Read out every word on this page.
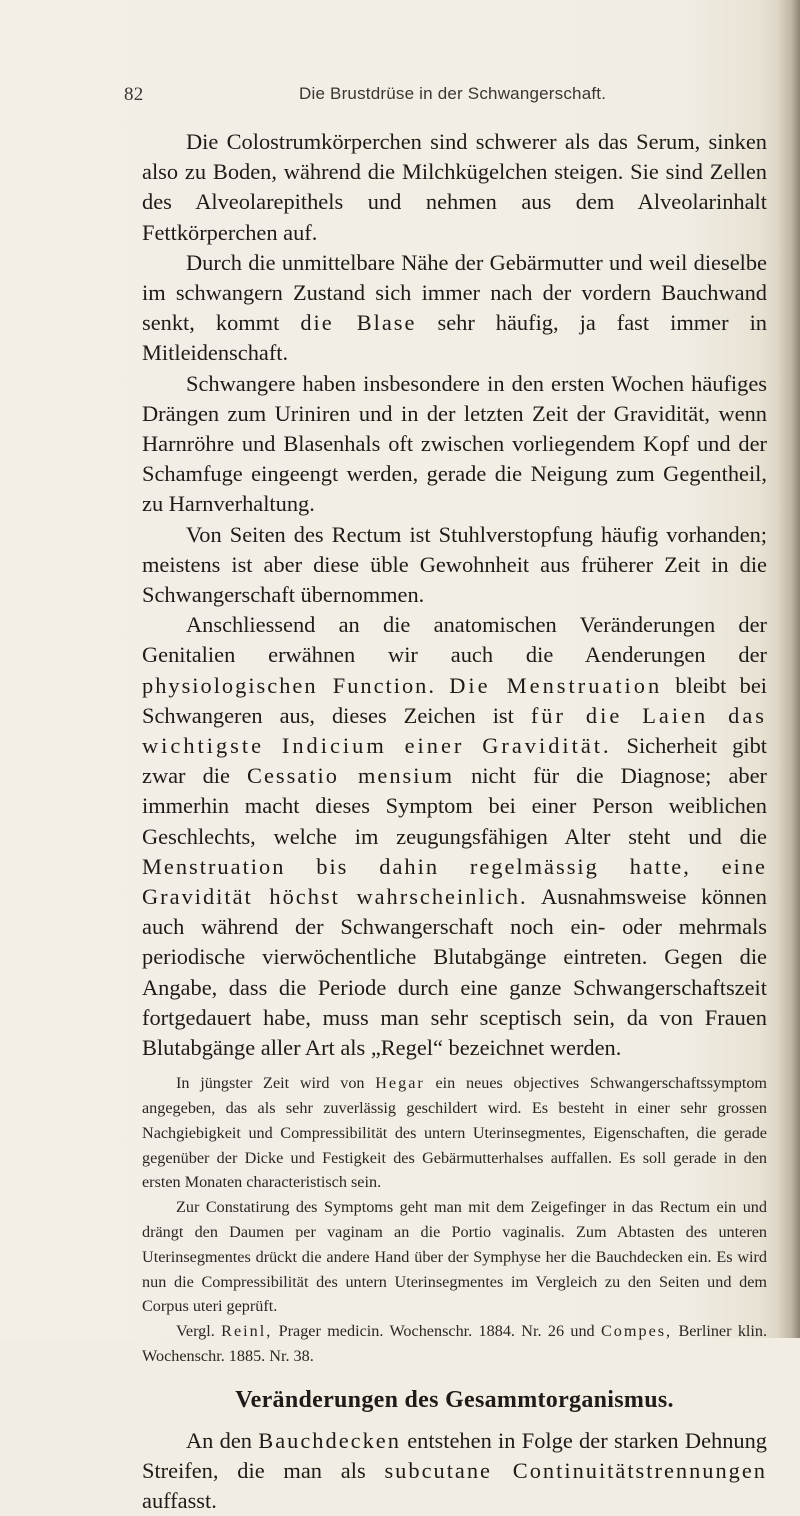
82	Die Brustdrüse in der Schwangerschaft.

Die Colostrumkörperchen sind schwerer als das Serum, sinken also zu Boden, während die Milchkügelchen steigen. Sie sind Zellen des Alveolarepithels und nehmen aus dem Alveolarinhalt Fettkörperchen auf.

Durch die unmittelbare Nähe der Gebärmutter und weil dieselbe im schwangern Zustand sich immer nach der vordern Bauchwand senkt, kommt die Blase sehr häufig, ja fast immer in Mitleidenschaft.

Schwangere haben insbesondere in den ersten Wochen häufiges Drängen zum Uriniren und in der letzten Zeit der Gravidität, wenn Harnröhre und Blasenhals oft zwischen vorliegendem Kopf und der Schamfuge eingeengt werden, gerade die Neigung zum Gegentheil, zu Harnverhaltung.

Von Seiten des Rectum ist Stuhlverstopfung häufig vorhanden; meistens ist aber diese üble Gewohnheit aus früherer Zeit in die Schwangerschaft übernommen.

Anschliessend an die anatomischen Veränderungen der Genitalien erwähnen wir auch die Aenderungen der physiologischen Function. Die Menstruation bleibt bei Schwangeren aus, dieses Zeichen ist für die Laien das wichtigste Indicium einer Gravidität. Sicherheit gibt zwar die Cessatio mensium nicht für die Diagnose; aber immerhin macht dieses Symptom bei einer Person weiblichen Geschlechts, welche im zeugungsfähigen Alter steht und die Menstruation bis dahin regelmässig hatte, eine Gravidität höchst wahrscheinlich. Ausnahmsweise können auch während der Schwangerschaft noch ein- oder mehrmals periodische vierwöchentliche Blutabgänge eintreten. Gegen die Angabe, dass die Periode durch eine ganze Schwangerschaftszeit fortgedauert habe, muss man sehr sceptisch sein, da von Frauen Blutabgänge aller Art als „Regel“ bezeichnet werden.

In jüngster Zeit wird von Hegar ein neues objectives Schwangerschaftssymptom angegeben, das als sehr zuverlässig geschildert wird. Es besteht in einer sehr grossen Nachgiebigkeit und Compressibilität des untern Uterinsegmentes, Eigenschaften, die gerade gegenüber der Dicke und Festigkeit des Gebärmutterhalses auffallen. Es soll gerade in den ersten Monaten characteristisch sein.

Zur Constatirung des Symptoms geht man mit dem Zeigefinger in das Rectum ein und drängt den Daumen per vaginam an die Portio vaginalis. Zum Abtasten des unteren Uterinsegmentes drückt die andere Hand über der Symphyse her die Bauchdecken ein. Es wird nun die Compressibilität des untern Uterinsegmentes im Vergleich zu den Seiten und dem Corpus uteri geprüft.

Vergl. Reinl, Prager medicin. Wochenschr. 1884. Nr. 26 und Compes, Berliner klin. Wochenschr. 1885. Nr. 38.

Veränderungen des Gesammtorganismus.

An den Bauchdecken entstehen in Folge der starken Dehnung Streifen, die man als subcutane Continuitätstrennungen auffasst.
